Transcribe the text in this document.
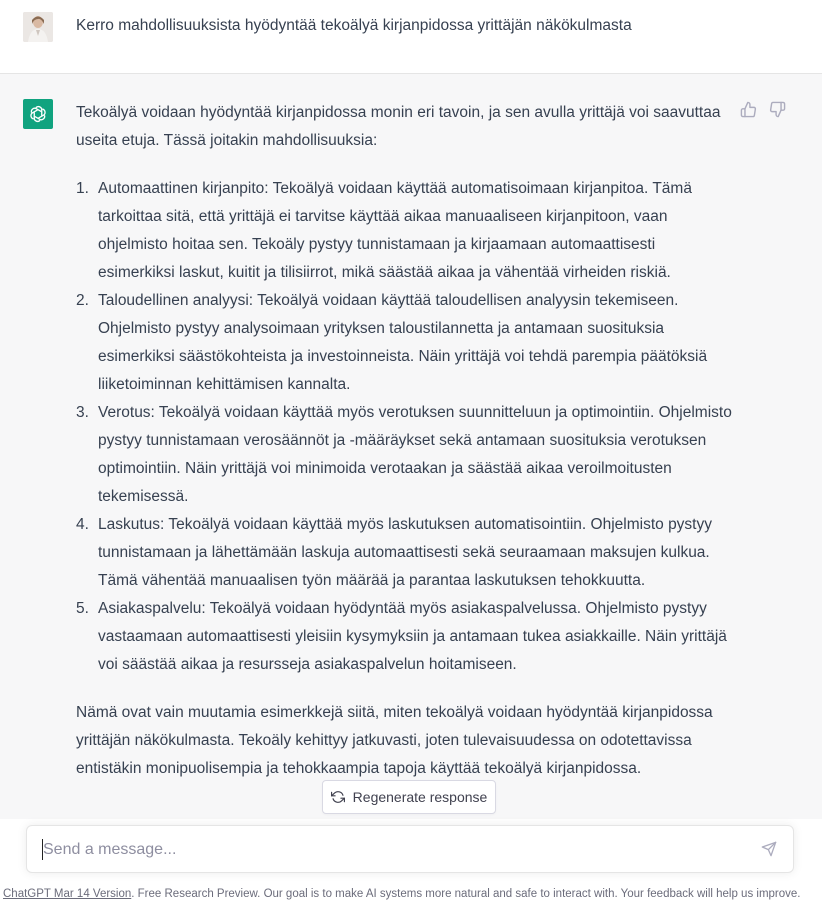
Kerro mahdollisuuksista hyödyntää tekoälyä kirjanpidossa yrittäjän näkökulmasta

Tekoälyä voidaan hyödyntää kirjanpidossa monin eri tavoin, ja sen avulla yrittäjä voi saavuttaa useita etuja. Tässä joitakin mahdollisuuksia:

1. Automaattinen kirjanpito: Tekoälyä voidaan käyttää automatisoimaan kirjanpitoa. Tämä tarkoittaa sitä, että yrittäjä ei tarvitse käyttää aikaa manuaaliseen kirjanpitoon, vaan ohjelmisto hoitaa sen. Tekoäly pystyy tunnistamaan ja kirjaamaan automaattisesti esimerkiksi laskut, kuitit ja tilisiirrot, mikä säästää aikaa ja vähentää virheiden riskiä.
2. Taloudellinen analyysi: Tekoälyä voidaan käyttää taloudellisen analyysin tekemiseen. Ohjelmisto pystyy analysoimaan yrityksen taloustilannetta ja antamaan suosituksia esimerkiksi säästökohteista ja investoinneista. Näin yrittäjä voi tehdä parempia päätöksiä liiketoiminnan kehittämisen kannalta.
3. Verotus: Tekoälyä voidaan käyttää myös verotuksen suunnitteluun ja optimointiin. Ohjelmisto pystyy tunnistamaan verosäännöt ja -määräykset sekä antamaan suosituksia verotuksen optimointiin. Näin yrittäjä voi minimoida verotaakan ja säästää aikaa veroilmoitusten tekemisessä.
4. Laskutus: Tekoälyä voidaan käyttää myös laskutuksen automatisointiin. Ohjelmisto pystyy tunnistamaan ja lähettämään laskuja automaattisesti sekä seuraamaan maksujen kulkua. Tämä vähentää manuaalisen työn määrää ja parantaa laskutuksen tehokkuutta.
5. Asiakaspalvelu: Tekoälyä voidaan hyödyntää myös asiakaspalvelussa. Ohjelmisto pystyy vastaamaan automaattisesti yleisiin kysymyksiin ja antamaan tukea asiakkaille. Näin yrittäjä voi säästää aikaa ja resursseja asiakaspalvelun hoitamiseen.

Nämä ovat vain muutamia esimerkkejä siitä, miten tekoälyä voidaan hyödyntää kirjanpidossa yrittäjän näkökulmasta. Tekoäly kehittyy jatkuvasti, joten tulevaisuudessa on odotettavissa entistäkin monipuolisempia ja tehokkaampia tapoja käyttää tekoälyä kirjanpidossa.

Regenerate response
Send a message...
ChatGPT Mar 14 Version. Free Research Preview. Our goal is to make AI systems more natural and safe to interact with. Your feedback will help us improve.
